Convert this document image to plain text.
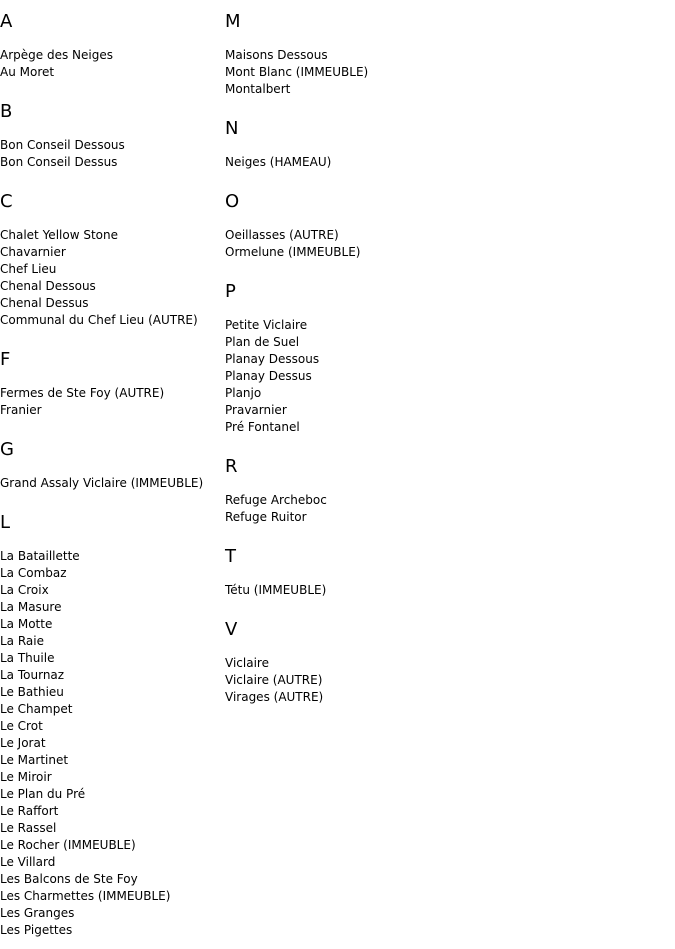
A
Arpège des Neiges
Au Moret
B
Bon Conseil Dessous
Bon Conseil Dessus
C
Chalet Yellow Stone
Chavarnier
Chef Lieu
Chenal Dessous
Chenal Dessus
Communal du Chef Lieu (AUTRE)
F
Fermes de Ste Foy (AUTRE)
Franier
G
Grand Assaly Viclaire (IMMEUBLE)
L
La Bataillette
La Combaz
La Croix
La Masure
La Motte
La Raie
La Thuile
La Tournaz
Le Bathieu
Le Champet
Le Crot
Le Jorat
Le Martinet
Le Miroir
Le Plan du Pré
Le Raffort
Le Rassel
Le Rocher (IMMEUBLE)
Le Villard
Les Balcons de Ste Foy
Les Charmettes (IMMEUBLE)
Les Granges
Les Pigettes
M
Maisons Dessous
Mont Blanc (IMMEUBLE)
Montalbert
N
Neiges (HAMEAU)
O
Oeillasses (AUTRE)
Ormelune (IMMEUBLE)
P
Petite Viclaire
Plan de Suel
Planay Dessous
Planay Dessus
Planjo
Pravarnier
Pré Fontanel
R
Refuge Archeboc
Refuge Ruitor
T
Tétu (IMMEUBLE)
V
Viclaire
Viclaire (AUTRE)
Virages (AUTRE)
